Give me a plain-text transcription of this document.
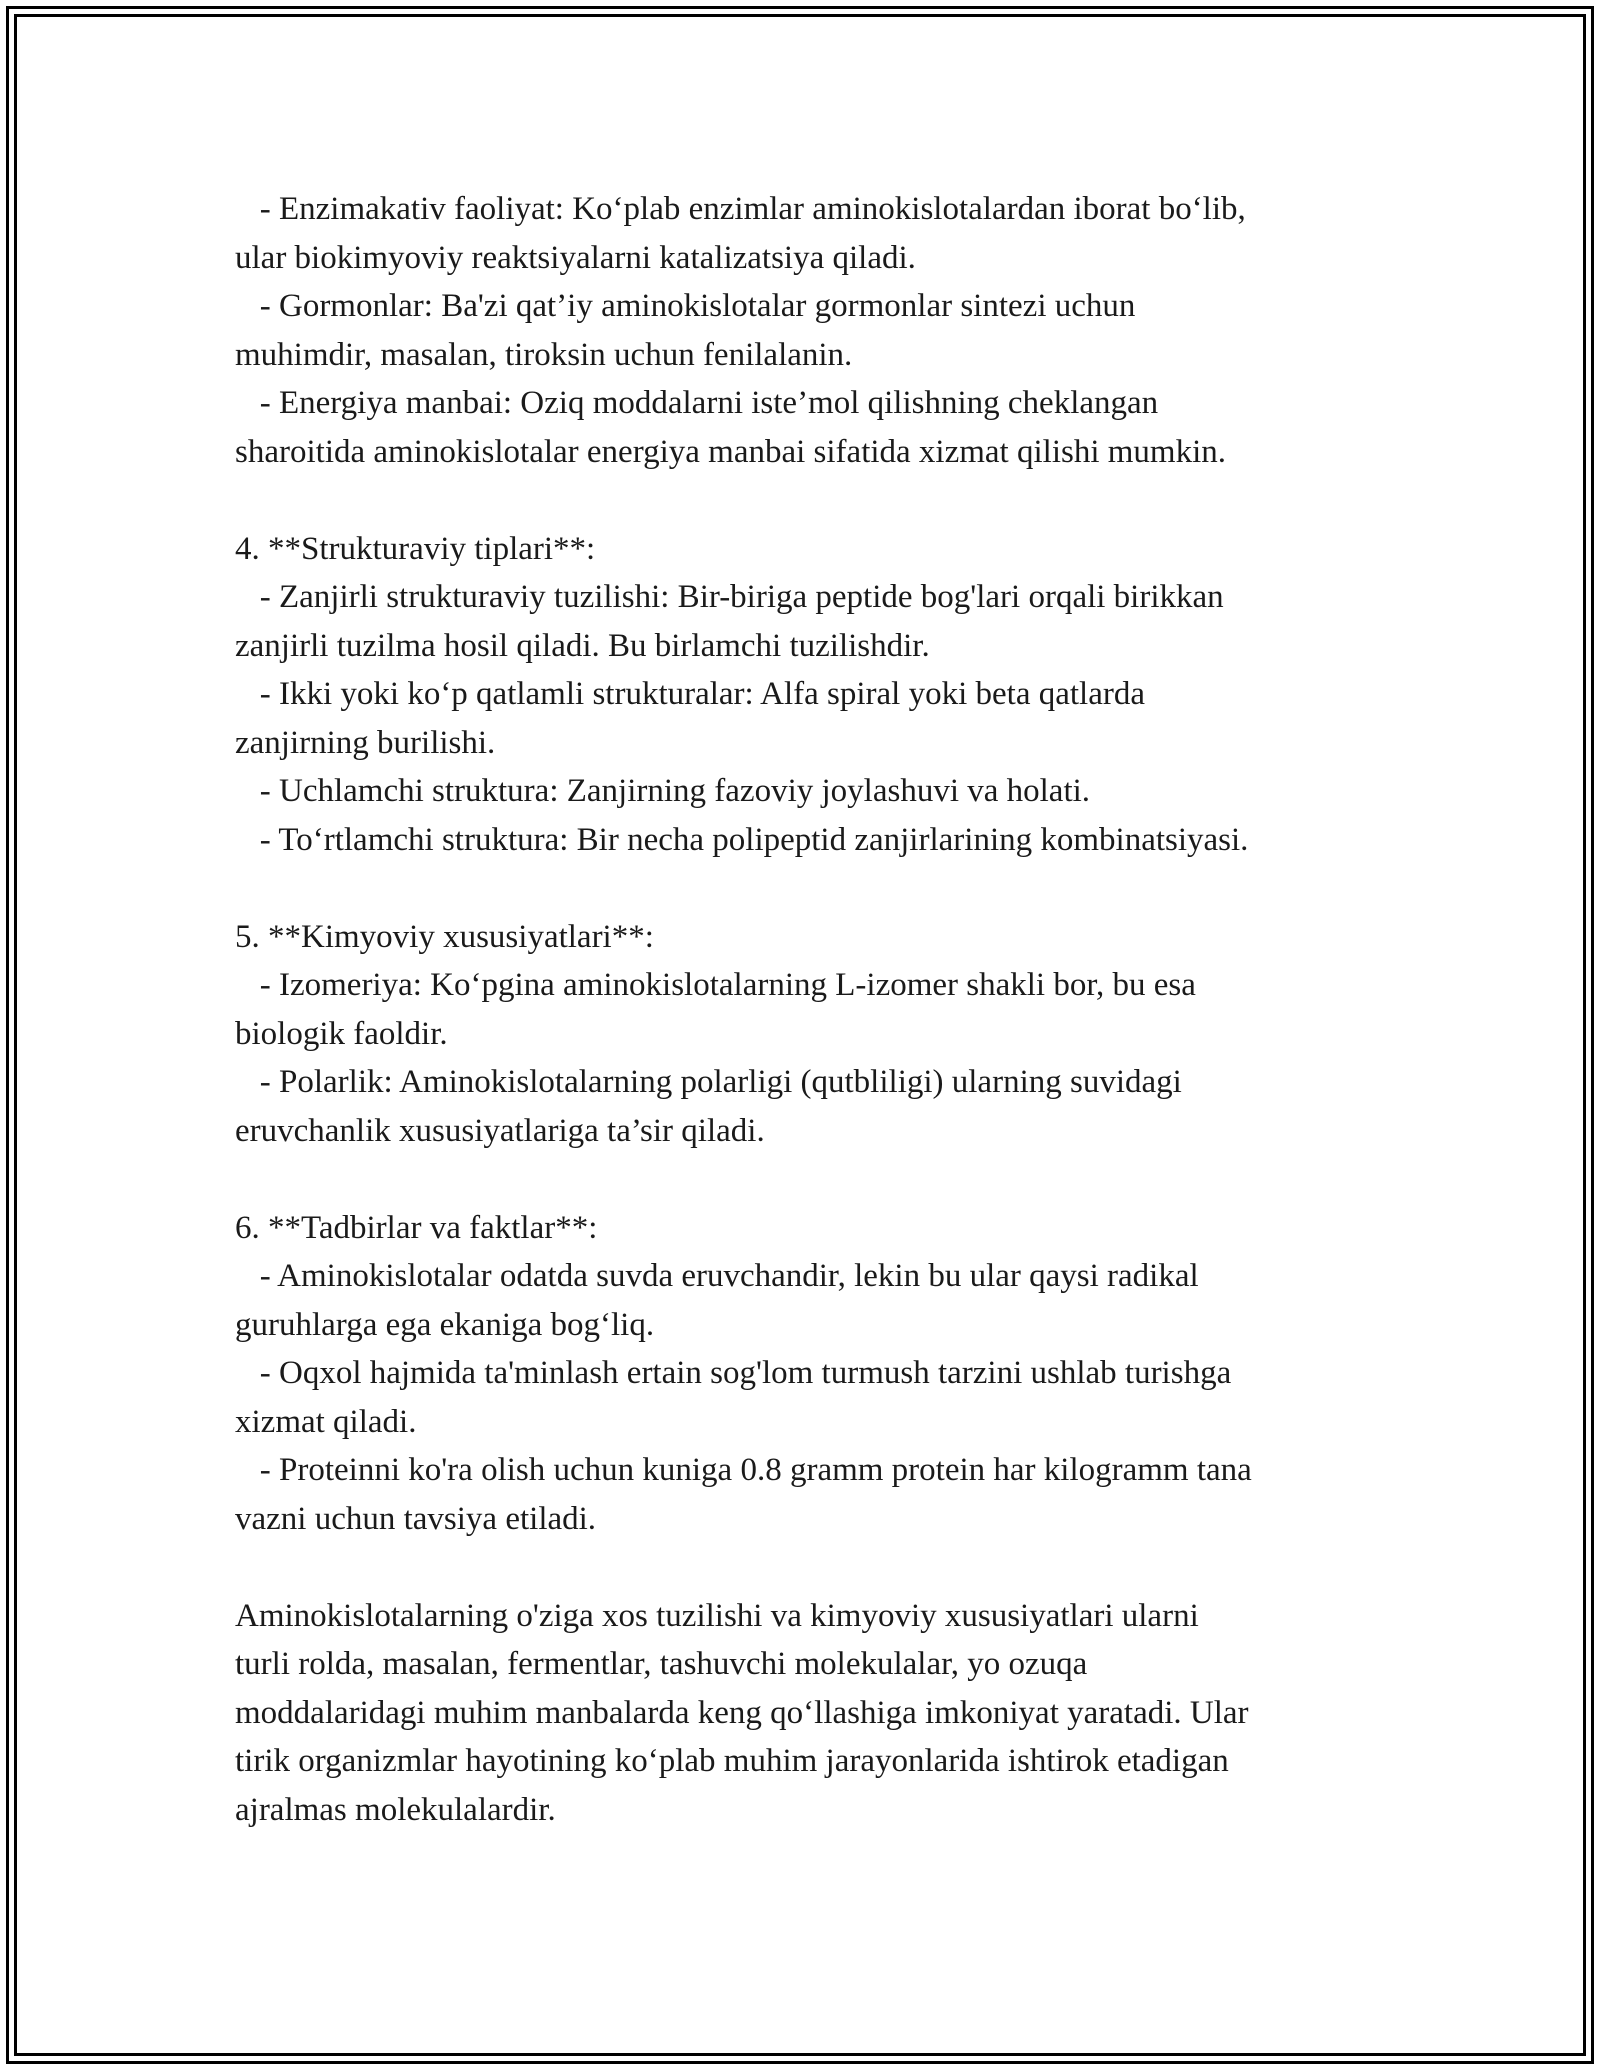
- Enzimakativ faoliyat: Ko‘plab enzimlar aminokislotalardan iborat bo‘lib,
ular biokimyoviy reaktsiyalarni katalizatsiya qiladi.
- Gormonlar: Ba'zi qat’iy aminokislotalar gormonlar sintezi uchun
muhimdir, masalan, tiroksin uchun fenilalanin.
- Energiya manbai: Oziq moddalarni iste’mol qilishning cheklangan
sharoitida aminokislotalar energiya manbai sifatida xizmat qilishi mumkin.
4. **Strukturaviy tiplari**:
- Zanjirli strukturaviy tuzilishi: Bir-biriga peptide bog'lari orqali birikkan
zanjirli tuzilma hosil qiladi. Bu birlamchi tuzilishdir.
- Ikki yoki ko‘p qatlamli strukturalar: Alfa spiral yoki beta qatlarda
zanjirning burilishi.
- Uchlamchi struktura: Zanjirning fazoviy joylashuvi va holati.
- To‘rtlamchi struktura: Bir necha polipeptid zanjirlarining kombinatsiyasi.
5. **Kimyoviy xususiyatlari**:
- Izomeriya: Ko‘pgina aminokislotalarning L-izomer shakli bor, bu esa
biologik faoldir.
- Polarlik: Aminokislotalarning polarligi (qutbliligi) ularning suvidagi
eruvchanlik xususiyatlariga ta’sir qiladi.
6. **Tadbirlar va faktlar**:
- Aminokislotalar odatda suvda eruvchandir, lekin bu ular qaysi radikal
guruhlarga ega ekaniga bog‘liq.
- Oqxol hajmida ta'minlash ertain sog'lom turmush tarzini ushlab turishga
xizmat qiladi.
- Proteinni ko'ra olish uchun kuniga 0.8 gramm protein har kilogramm tana
vazni uchun tavsiya etiladi.
Aminokislotalarning o'ziga xos tuzilishi va kimyoviy xususiyatlari ularni
turli rolda, masalan, fermentlar, tashuvchi molekulalar, yo ozuqa
moddalaridagi muhim manbalarda keng qo‘llashiga imkoniyat yaratadi. Ular
tirik organizmlar hayotining ko‘plab muhim jarayonlarida ishtirok etadigan
ajralmas molekulalardir.
